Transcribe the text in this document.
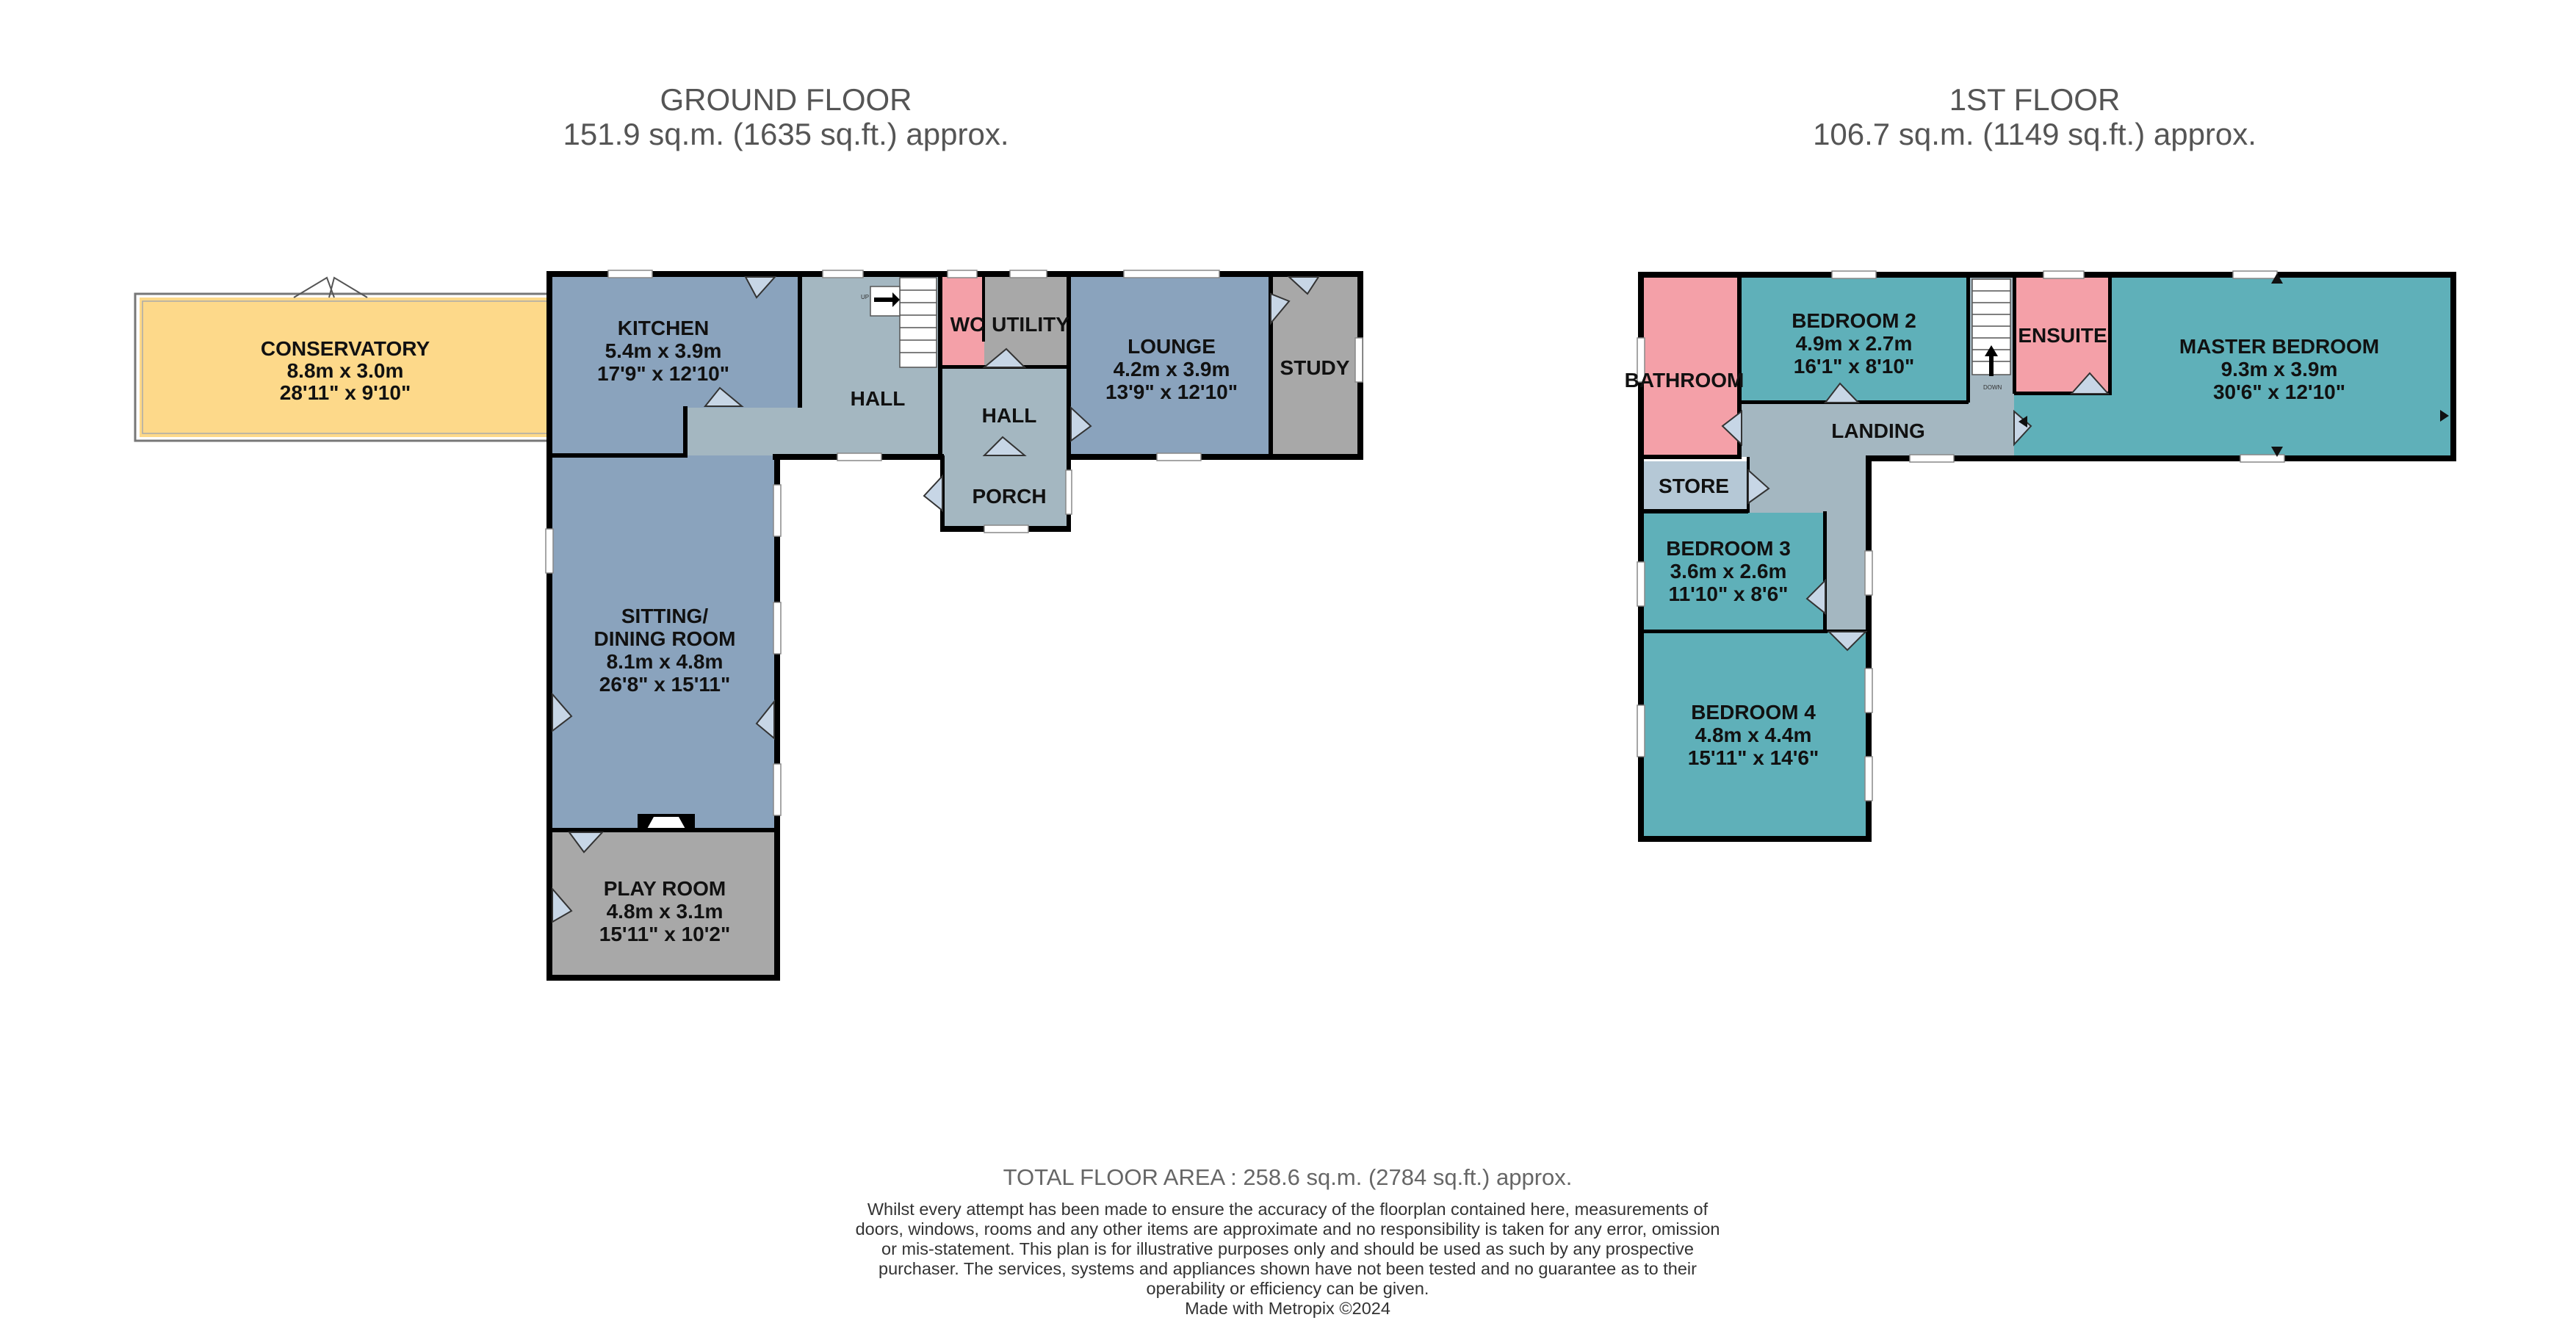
GROUND FLOOR
151.9 sq.m. (1635 sq.ft.) approx.
1ST FLOOR
106.7 sq.m. (1149 sq.ft.) approx.
UP
CONSERVATORY
8.8m x 3.0m
28'11" x 9'10"
KITCHEN
5.4m x 3.9m
17'9" x 12'10"
HALL
WC UTILITY
HALL
PORCH
LOUNGE
4.2m x 3.9m
13'9" x 12'10"
STUDY
SITTING/
DINING ROOM
8.1m x 4.8m
26'8" x 15'11"
PLAY ROOM
4.8m x 3.1m
15'11" x 10'2"
DOWN
BATHROOM
BEDROOM 2
4.9m x 2.7m
16'1" x 8'10"
ENSUITE	MASTER BEDROOM
9.3m x 3.9m
30'6" x 12'10"
LANDING
STORE
BEDROOM 3
3.6m x 2.6m
11'10" x 8'6"
BEDROOM 4
4.8m x 4.4m
15'11" x 14'6"
TOTAL FLOOR AREA : 258.6 sq.m. (2784 sq.ft.) approx.
Whilst every attempt has been made to ensure the accuracy of the floorplan contained here, measurements of doors, windows, rooms and any other items are approximate and no responsibility is taken for any error, omission or mis-statement. This plan is for illustrative purposes only and should be used as such by any prospective purchaser. The services, systems and appliances shown have not been tested and no guarantee as to their operability or efficiency can be given.
Made with Metropix ©2024
